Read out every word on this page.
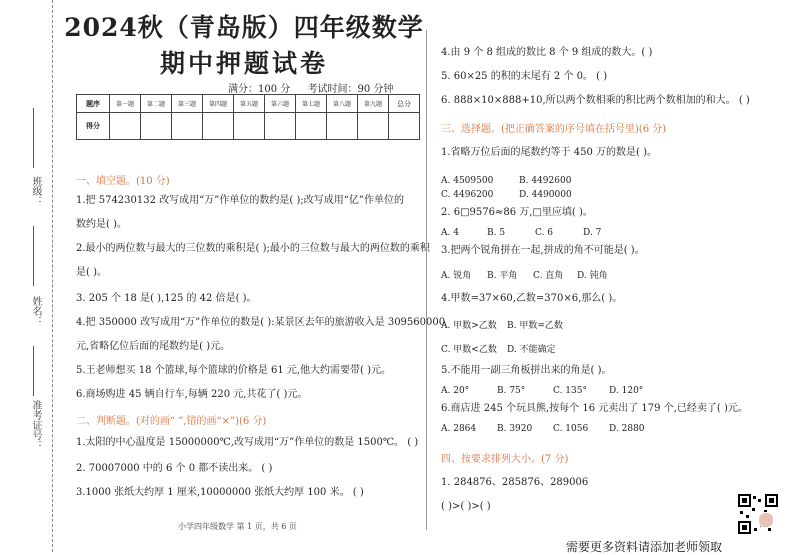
班级：
姓名：
准考证号：
2024秋（青岛版）四年级数学
期中押题试卷
满分：100 分 考试时间：90 分钟
题序	第一题	第二题	第三题	第四题	第五题	第六题	第七题	第八题	第九题	总分
得分										
一、填空题。(10 分)
1.把 574230132 改写成用“万”作单位的数约是( );改写成用“亿”作单位的
数约是( )。
2.最小的两位数与最大的三位数的乘积是( );最小的三位数与最大的两位数的乘积
是( )。
3. 205 个 18 是( ),125 的 42 倍是( )。
4.把 350000 改写成用“万”作单位的数是( ):某景区去年的旅游收入是 309560000
元,省略亿位后面的尾数约是( )元。
5.王老师想买 18 个篮球,每个篮球的价格是 61 元,他大约需要带( )元。
6.商场购进 45 辆自行车,每辆 220 元,共花了( )元。
二、判断题。(对的画“ ”,错的画“×”)(6 分)
1.太阳的中心温度是 15000000℃,改写成用“万”作单位的数是 1500℃。 ( )
2. 70007000 中的 6 个 0 都不读出来。 ( )
3.1000 张纸大约厚 1 厘米,10000000 张纸大约厚 100 米。 ( )
4.由 9 个 8 组成的数比 8 个 9 组成的数大。( )
5. 60×25 的积的末尾有 2 个 0。 ( )
6. 888×10×888+10,所以两个数相乘的积比两个数相加的和大。 ( )
三、选择题。(把正确答案的序号填在括号里)(6 分)
1.省略万位后面的尾数约等于 450 万的数是( )。
A. 4509500	B. 4492600
C. 4496200	D. 4490000
2. 6□9576≈86 万,□里应填( )。
A. 4	B. 5	C. 6	D. 7
3.把两个锐角拼在一起,拼成的角不可能是( )。
A. 锐角 B. 平角 C. 直角 D. 钝角
4.甲数=37×60,乙数=370×6,那么( )。
A. 甲数>乙数 B. 甲数=乙数
C. 甲数<乙数 D. 不能确定
5.不能用一副三角板拼出来的角是( )。
A. 20°	B. 75°	C. 135° D. 120°
6.商店进 245 个玩具熊,按每个 16 元卖出了 179 个,已经卖了( )元。
A. 2864 B. 3920 C. 1056 D. 2880
四、按要求排列大小。(7 分)
1. 284876、285876、289006
( )>( )>( )
小学四年级数学 第 1 页，共 6 页
需要更多资料请添加老师领取
